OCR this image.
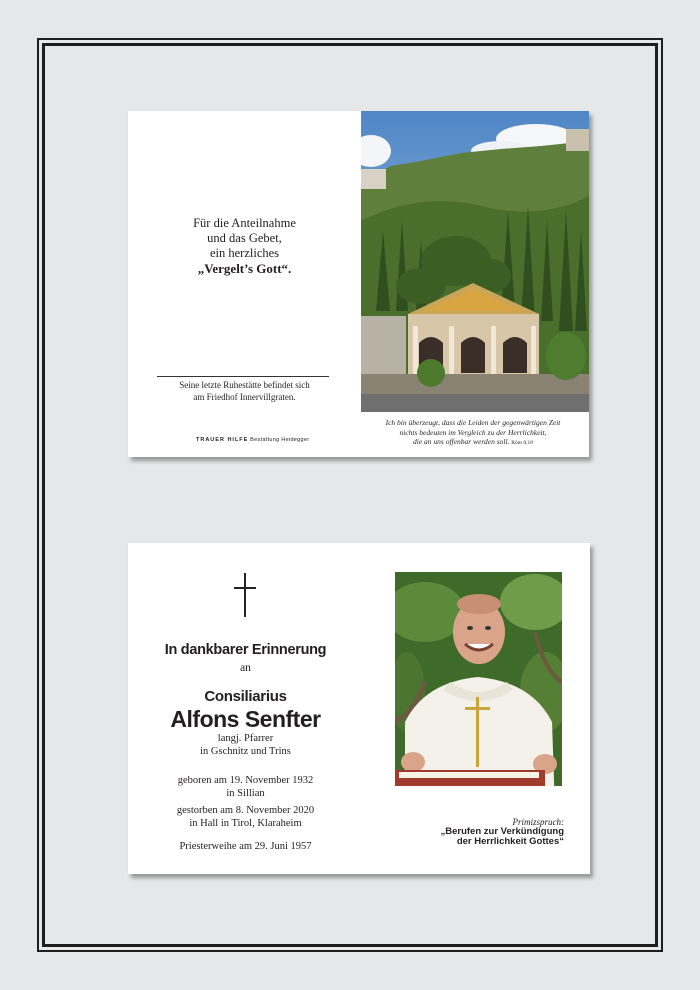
Für die Anteilnahme
und das Gebet,
ein herzliches
„Vergelt’s Gott“.
Seine letzte Ruhestätte befindet sich
am Friedhof Innervillgraten.
TRAUER HILFE Bestattung Heidegger
Ich bin überzeugt, dass die Leiden der gegenwärtigen Zeit
nichts bedeuten im Vergleich zu der Herrlichkeit,
die an uns offenbar werden soll. Röm 8,18
In dankbarer Erinnerung
an
Consiliarius
Alfons Senfter
langj. Pfarrer
in Gschnitz und Trins
geboren am 19. November 1932
in Sillian
gestorben am 8. November 2020
in Hall in Tirol, Klaraheim
Priesterweihe am 29. Juni 1957
Primizspruch:
„Berufen zur Verkündigung
der Herrlichkeit Gottes“
